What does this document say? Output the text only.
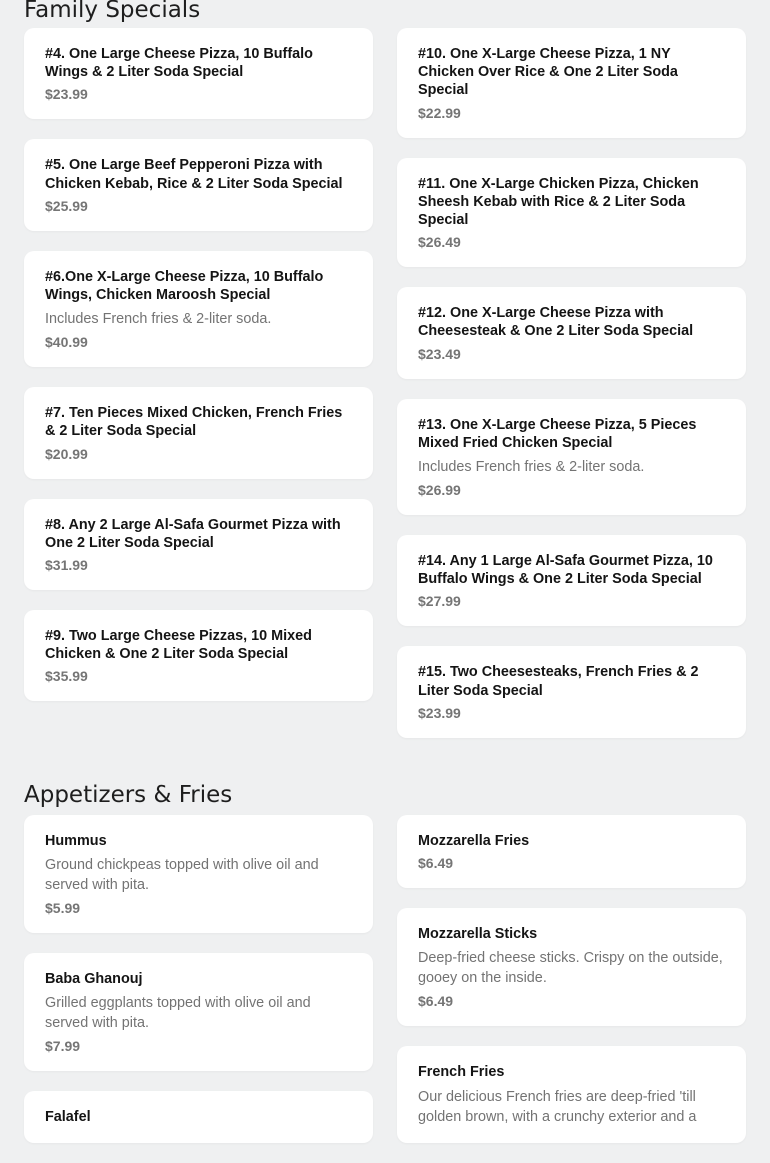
Family Specials
#4. One Large Cheese Pizza, 10 Buffalo Wings & 2 Liter Soda Special
$23.99
#5. One Large Beef Pepperoni Pizza with Chicken Kebab, Rice & 2 Liter Soda Special
$25.99
#6.One X-Large Cheese Pizza, 10 Buffalo Wings, Chicken Maroosh Special
Includes French fries & 2-liter soda.
$40.99
#7. Ten Pieces Mixed Chicken, French Fries & 2 Liter Soda Special
$20.99
#8. Any 2 Large Al-Safa Gourmet Pizza with One 2 Liter Soda Special
$31.99
#9. Two Large Cheese Pizzas, 10 Mixed Chicken & One 2 Liter Soda Special
$35.99
#10. One X-Large Cheese Pizza, 1 NY Chicken Over Rice & One 2 Liter Soda Special
$22.99
#11. One X-Large Chicken Pizza, Chicken Sheesh Kebab with Rice & 2 Liter Soda Special
$26.49
#12. One X-Large Cheese Pizza with Cheesesteak & One 2 Liter Soda Special
$23.49
#13. One X-Large Cheese Pizza, 5 Pieces Mixed Fried Chicken Special
Includes French fries & 2-liter soda.
$26.99
#14. Any 1 Large Al-Safa Gourmet Pizza, 10 Buffalo Wings & One 2 Liter Soda Special
$27.99
#15. Two Cheesesteaks, French Fries & 2 Liter Soda Special
$23.99
Appetizers & Fries
Hummus
Ground chickpeas topped with olive oil and served with pita.
$5.99
Baba Ghanouj
Grilled eggplants topped with olive oil and served with pita.
$7.99
Falafel
Mozzarella Fries
$6.49
Mozzarella Sticks
Deep-fried cheese sticks. Crispy on the outside, gooey on the inside.
$6.49
French Fries
Our delicious French fries are deep-fried 'till golden brown, with a crunchy exterior and a
